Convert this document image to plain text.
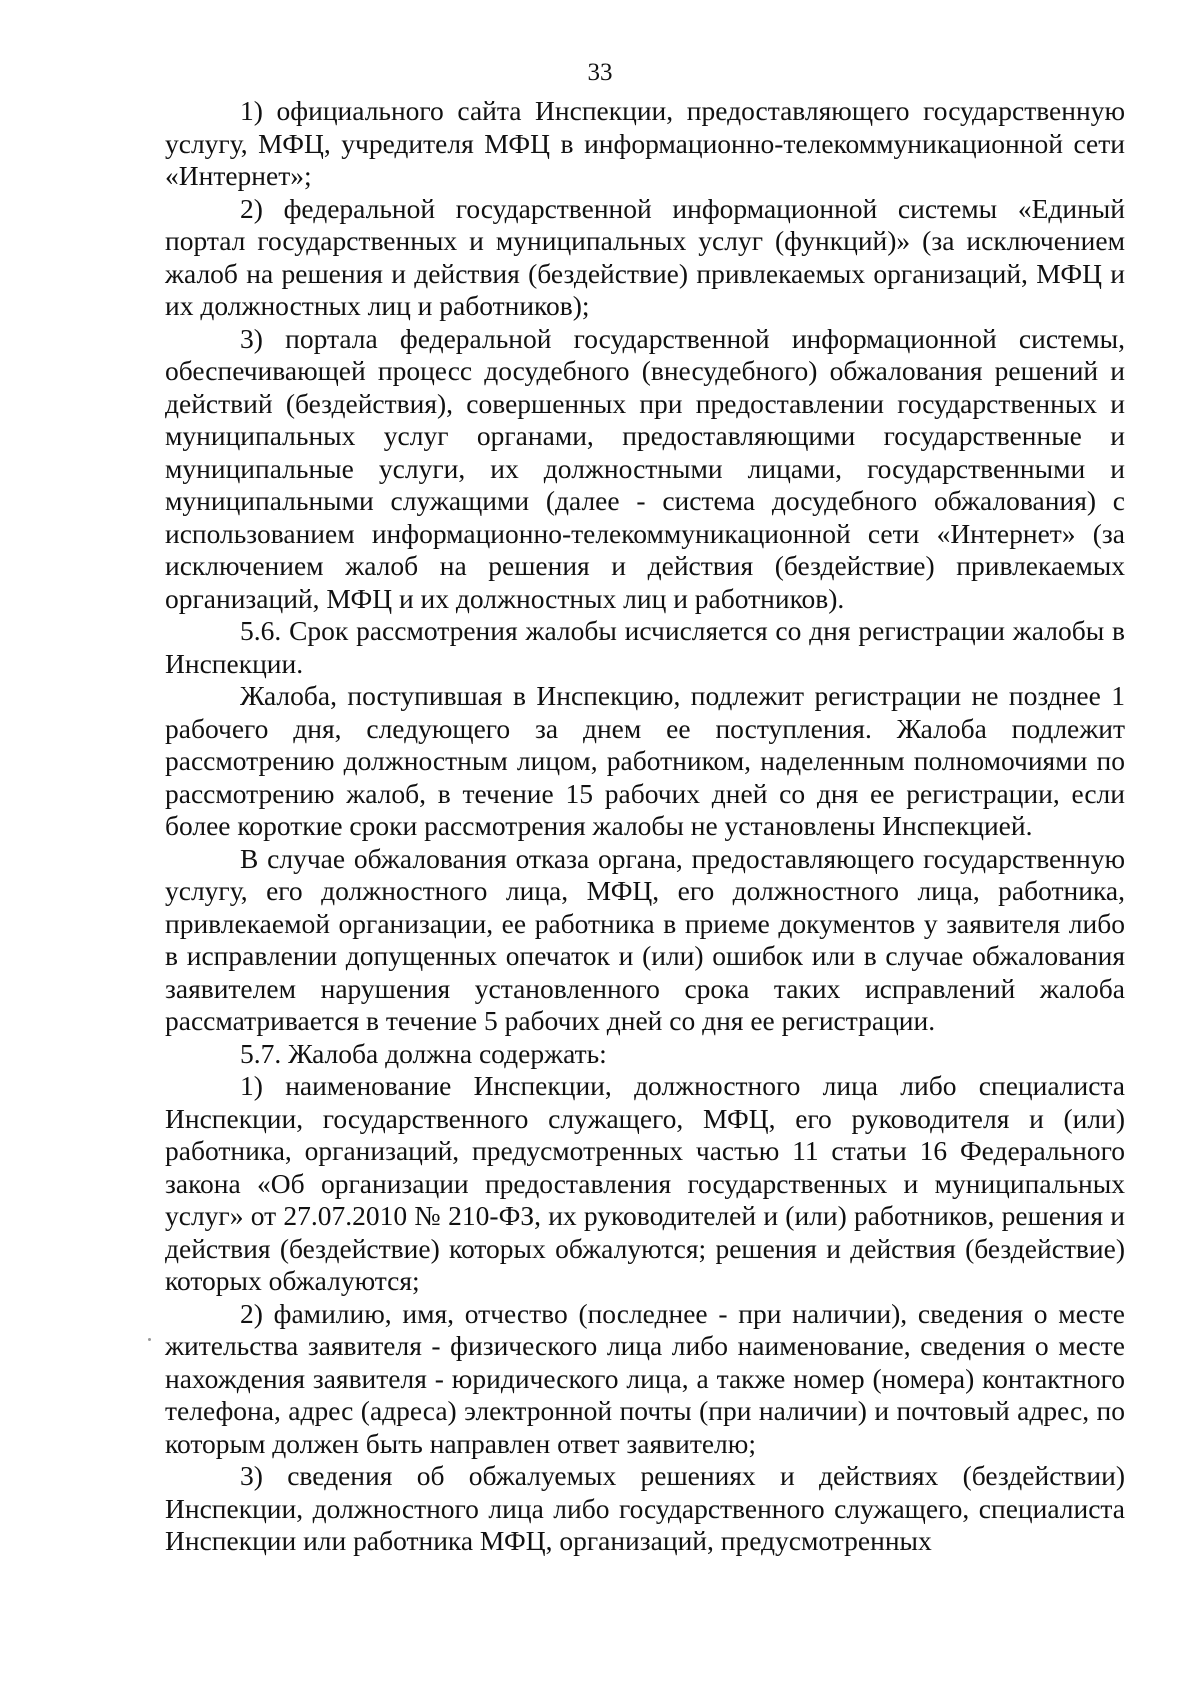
33

1) официального сайта Инспекции, предоставляющего государственную услугу, МФЦ, учредителя МФЦ в информационно-телекоммуникационной сети «Интернет»;

2) федеральной государственной информационной системы «Единый портал государственных и муниципальных услуг (функций)» (за исключением жалоб на решения и действия (бездействие) привлекаемых организаций, МФЦ и их должностных лиц и работников);

3) портала федеральной государственной информационной системы, обеспечивающей процесс досудебного (внесудебного) обжалования решений и действий (бездействия), совершенных при предоставлении государственных и муниципальных услуг органами, предоставляющими государственные и муниципальные услуги, их должностными лицами, государственными и муниципальными служащими (далее - система досудебного обжалования) с использованием информационно-телекоммуникационной сети «Интернет» (за исключением жалоб на решения и действия (бездействие) привлекаемых организаций, МФЦ и их должностных лиц и работников).

5.6. Срок рассмотрения жалобы исчисляется со дня регистрации жалобы в Инспекции.

Жалоба, поступившая в Инспекцию, подлежит регистрации не позднее 1 рабочего дня, следующего за днем ее поступления. Жалоба подлежит рассмотрению должностным лицом, работником, наделенным полномочиями по рассмотрению жалоб, в течение 15 рабочих дней со дня ее регистрации, если более короткие сроки рассмотрения жалобы не установлены Инспекцией.

В случае обжалования отказа органа, предоставляющего государственную услугу, его должностного лица, МФЦ, его должностного лица, работника, привлекаемой организации, ее работника в приеме документов у заявителя либо в исправлении допущенных опечаток и (или) ошибок или в случае обжалования заявителем нарушения установленного срока таких исправлений жалоба рассматривается в течение 5 рабочих дней со дня ее регистрации.

5.7. Жалоба должна содержать:

1) наименование Инспекции, должностного лица либо специалиста Инспекции, государственного служащего, МФЦ, его руководителя и (или) работника, организаций, предусмотренных частью 11 статьи 16 Федерального закона «Об организации предоставления государственных и муниципальных услуг» от 27.07.2010 № 210-ФЗ, их руководителей и (или) работников, решения и действия (бездействие) которых обжалуются; решения и действия (бездействие) которых обжалуются;

2) фамилию, имя, отчество (последнее - при наличии), сведения о месте жительства заявителя - физического лица либо наименование, сведения о месте нахождения заявителя - юридического лица, а также номер (номера) контактного телефона, адрес (адреса) электронной почты (при наличии) и почтовый адрес, по которым должен быть направлен ответ заявителю;

3) сведения об обжалуемых решениях и действиях (бездействии) Инспекции, должностного лица либо государственного служащего, специалиста Инспекции или работника МФЦ, организаций, предусмотренных
